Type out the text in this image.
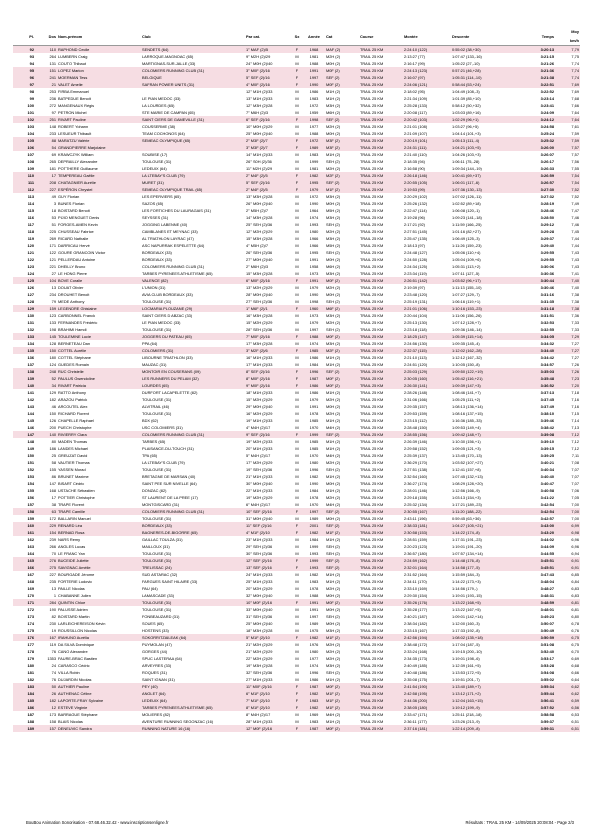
Pl.	Dos	Nom-prénom	Club	Par cat.	Sx	Année	Cat	Course	Montée	Descente	Temps	Moy
km/h
92	110	RAPHOND Cecile	SENDETS (64)	1° MAF (2)/5	F	1968	MAF (2)	TRAIL 25 KM	2:24:10 (122)	0:55:02 (38,+30)	3:20:13	7,79
93	264	LUMBERN Craig	LARROQUE-MAGNOAC (65)	9° M2H (2)/29	M	1981	M2H (2)	TRAIL 25 KM	2:13:27 (77)	1:07:47 (133,-16)	3:21:15	7,75
94	131	COUTO Thibaut	MARTIGNAS-SUR-JALLE (33)	24° M0H (2)/40	M	1988	M0H (2)	TRAIL 25 KM	2:16:17 (99)	1:05:22 (27,-10)	3:21:26	7,74
95	151	LOPEZ Marion	COLOMIERS RUNNING CLUB (31)	3° M0F (2)/16	F	1991	M0F (2)	TRAIL 25 KM	2:24:13 (123)	0:57:21 (46,+28)	3:21:36	7,74
96	241	MOERMAN Tess	BELGIQUE	5° SEF (2)/16	F	1997	SEF (2)	TRAIL 25 KM	2:16:07 (97)	1:05:31 (114,-10)	3:21:38	7,74
97	21	VALET Amelie	SAFRAN POWER UNITS (31)	4° M0F (2)/16	F	1990	M0F (2)	TRAIL 25 KM	2:24:06 (121)	0:58:44 (53,+24)	3:22:51	7,69
98	253	FIRBA Emmanuel		12° M1H (2)/33	M	1986	M1H (2)	TRAIL 25 KM	2:18:02 (95)	1:04:49 (108,-3)	3:22:52	7,69
99	236	BATPEDUE Benoit	LE PIAN MEDOC (33)	13° M1H (2)/33	M	1983	M1H (2)	TRAIL 25 KM	2:21:34 (109)	1:01:39 (85,+10)	3:23:14	7,68
100	272	MANGENAUX Régis	LA LOURDES (65)	12° M3H (2)/28	M	1972	M3H (2)	TRAIL 25 KM	2:25:28 (133)	0:58:12 (50,+32)	3:23:41	7,66
101	97	PETRON Michel	STE MARIE DE CAMPAN (65)	7° M6H (2)/3	M	1959	M6H (2)	TRAIL 25 KM	2:20:08 (117)	1:03:03 (89,+16)	3:24:09	7,64
102	251	RIVART Pauline	SAINT CIERS DE GAMEVILLE (31)	6° SEF (2)/16	F	1998	SEF (2)	TRAIL 25 KM	2:20:42 (103)	1:02:29 (96,+1)	3:24:12	7,64
103	148	ROBERT Yohann	COUSSERME (38)	10° M0H (2)/29	M	1977	M2H (2)	TRAIL 25 KM	2:21:01 (108)	1:03:27 (96,+5)	3:24:58	7,61
104	233	LESUEUR Thibault	TEAM COCHONOS (64)	25° M0H (2)/40	M	1988	M0H (2)	TRAIL 25 KM	2:21:09 (107)	1:04:14 (101,+3)	3:25:24	7,59
105	88	MARATZU Valérie	SEMEAC OLYMPIQUE (65)	2° M3F (2)/7	F	1972	M3F (2)	TRAIL 25 KM	2:20:19 (101)	1:05:13 (111,-4)	3:25:32	7,59
106	54	GRANDPIERRE Marjolaine		3° M3F (2)/7	F	1989	M3F (2)	TRAIL 25 KM	2:24:31 (111)	1:04:21 (103,+5)	3:26:00	7,57
107	69	KRAWCZYK William	SOUBISE (17)	14° M1H (2)/33	M	1983	M1H (2)	TRAIL 25 KM	2:21:40 (110)	1:04:26 (103,+3)	3:26:07	7,57
108	265	DEPRAILLY Alexandre	TOULOUSE (31)	26° S0H (2)/36	M	1999	SEH (2)	TRAIL 25 KM	2:18:35 (94)	1:06:11 (75,-28)	3:26:17	7,56
109	181	POTTHERE Guillaume	LEDEUIX (64)	11° M2H (2)/29	M	1981	M2H (2)	TRAIL 25 KM	2:16:58 (90)	1:09:34 (144,-19)	3:26:33	7,55
110	17	TEMPEREAU Gaëlle	LA LTEBAY'S CLUB (79)	2° M4F (2)/5	F	1982	M2F (2)	TRAIL 25 KM	2:26:18 (146)	1:00:41 (69,+37)	3:26:59	7,54
111	208	CHATAGNIER Aurélie	MURET (31)	5° SEF (2)/16	F	1995	SEF (2)	TRAIL 25 KM	2:20:55 (105)	1:06:01 (117,-6)	3:26:57	7,54
112	227	ESPÉRON Chrystel	SEMEAC OLYMPIQUE TRAIL (65)	2° M4F (2)/5	F	1979	M1F (2)	TRAIL 25 KM	2:19:53 (99)	1:07:36 (130,-13)	3:27:30	7,52
113	49	GUY Florian	LES EPERVIERS (65)	13° M3H (2)/28	M	1972	M3H (2)	TRAIL 25 KM	2:20:29 (102)	1:07:02 (126,-11)	3:27:32	7,52
114	3	BUNES Florian	SAZOS (65)	26° M0H (2)/40	M	1990	M0H (2)	TRAIL 25 KM	2:25:26 (132)	1:02:52 (89,+18)	3:28:19	7,49
115	18	BOISTARD Benoit	LES FORTICHES DU LAURAGAIS (31)	2° M5H (2)/7	M	1964	M5H (2)	TRAIL 25 KM	2:22:47 (114)	1:06:08 (120,-1)	3:28:46	7,47
116	53	PIJIO MENGUET Denis	SEYSSES (31)	14° M3H (2)/28	M	1974	M3H (2)	TRAIL 25 KM	2:19:28 (96)	1:09:23 (141,-18)	3:28:50	7,46
117	51	FORGES-AMEN Kevin	JOGGING LABENNE (40)	25° SEH (2)/36	M	1993	SEH (2)	TRAIL 25 KM	2:17:21 (92)	1:11:59 (166,-25)	3:29:12	7,46
118	225	CHUSSEAU Fabrice	CAMBLANES ET MEYNAC (33)	12° M2H (2)/29	M	1980	M2H (2)	TRAIL 25 KM	2:27:51 (145)	1:01:16 (82,+27)	3:29:28	7,45
119	269	RICARD Nathalie	AL TRIATHLON LAYRAC (47)	15° M3H (2)/28	M	1966	M3H (2)	TRAIL 25 KM	2:25:47 (135)	1:06:49 (125,-3)	3:29:37	7,44
120	171	DARRICAU Hervé	ASC NAPURRAK ESPELETTE (64)	4° M5H (2)/7	M	1966	M5H (2)	TRAIL 25 KM	2:18:13 (97)	1:11:26 (159,-23)	3:29:40	7,44
121	122	GOURE GRANCOIN Victor	BORDEAUX (33)	26° SEH (2)/36	M	1995	SEH (2)	TRAIL 25 KM	2:24:48 (127)	1:05:06 (110,+4)	3:29:55	7,43
122	121	PELLERDAU Antoine	BORDEAUX (33)	27° M0H (2)/40	M	1991	M0H (2)	TRAIL 25 KM	2:24:50 (128)	1:05:04 (109,+6)	3:29:55	7,43
123	221	DHEILLY Bruno	COLOMIERS RUNNING CLUB (31)	2° M6H (2)/3	M	1958	M6H (2)	TRAIL 25 KM	2:24:34 (125)	1:05:31 (113,+2)	3:30:06	7,43
124	27	LE HONG Pierre	TARBES PYRENEES ATHLETISME (65)	15° M3H (2)/28	M	1973	M3H (2)	TRAIL 25 KM	2:23:34 (119)	1:07:11 (127,-5)	3:30:36	7,41
125	104	BOVE Coralie	VALENCE (82)	6° M0F (2)/16	F	1991	M0F (2)	TRAIL 25 KM	2:26:51 (142)	1:03:52 (96,+17)	3:30:44	7,40
126	13	DOUAT Olivier	L'UNION (31)	13° M2H (2)/29	M	1979	M2H (2)	TRAIL 25 KM	2:19:39 (97)	1:11:13 (155,-10)	3:30:46	7,40
127	234	DROUHET Benoit	AVIA CLUB BORDEAUX (33)	28° M0H (2)/40	M	1990	M0H (2)	TRAIL 25 KM	2:23:48 (120)	1:07:27 (129,-7)	3:31:16	7,38
128	79	MEDE Anthony	TOULOUSE (31)	27° SEH (2)/36	M	1998	SEH (2)	TRAIL 25 KM	2:25:19 (131)	1:06:16 (119,+1)	3:31:35	7,38
129	159	LEGENDRE Ghislaine	LOCMARIA PLOUZANE (29)	1° M6F (2)/1	F	1960	M6F (2)	TRAIL 25 KM	2:21:01 (106)	1:10:16 (153,-23)	3:31:18	7,38
130	123	CARBONNEL Franck	SAINT CIERS D ABZAC (33)	16° M3H (2)/28	M	1973	M3H (2)	TRAIL 25 KM	2:20:44 (104)	1:11:06 (156,-26)	3:31:51	7,36
131	133	FERNANDES Frédéric	LE PIAN MEDOC (33)	15° M2H (2)/29	M	1979	M2H (2)	TRAIL 25 KM	2:25:13 (130)	1:07:12 (128,+7)	3:32:53	7,33
132	198	BRAHIMI Hamdi	TOULOUSE (31)	28° SEH (2)/36	M	1997	SEH (2)	TRAIL 25 KM	2:23:18 (118)	1:09:36 (146,-14)	3:32:55	7,33
133	145	TOULEMINE Lucie	JOGGERS DU PATEAU (65)	7° M0F (2)/16	F	1988	M0F (2)	TRAIL 25 KM	2:18:25 (147)	1:05:39 (115,+14)	3:34:05	7,29
134	128	BERNETEAU Dan	PPA (64)	17° M3H (2)/28	M	1974	M3H (2)	TRAIL 25 KM	2:24:56 (130)	1:09:35 (145,-4)	3:34:32	7,27
135	150	COTTEL Aurélie	COLOMIERS (31)	3° M2F (2)/6	F	1985	M2F (2)	TRAIL 25 KM	2:22:37 (115)	1:12:02 (162,-28)	3:34:40	7,27
136	180	COTTEL Stéphane	LIBOURNE TRIATHLON (33)	16° M1H (2)/33	M	1986	M1H (2)	TRAIL 25 KM	2:21:10 (113)	1:12:12 (167,-32)	3:34:42	7,27
137	124	GUEDES Romain	MAUZAC (31)	17° M1H (2)/33	M	1984	M1H (2)	TRAIL 25 KM	2:24:51 (120)	1:10:05 (150,-8)	3:34:57	7,26
138	248	RUC Christelle	MONTOIR EN COUSERANS (09)	8° SEF (2)/16	F	1996	SEF (2)	TRAIL 25 KM	2:25:03 (129)	1:09:50 (122,+19)	3:35:03	7,26
139	52	PAULUS Gwendoline	LES RUNNERS DU PELAM (32)	8° M0F (2)/16	F	1987	M0F (2)	TRAIL 25 KM	2:30:05 (160)	1:05:42 (116,+21)	3:35:48	7,23
140	34	RIVART Patricia	LOURDES (65)	9° M0F (2)/16	F	1986	M0F (2)	TRAIL 25 KM	2:26:30 (141)	1:09:39 (147,+3)	3:36:52	7,20
141	129	RATTO Anthony	DURFORT LACAPELETTE (82)	18° M1H (2)/33	M	1986	M1H (2)	TRAIL 25 KM	2:28:26 (148)	1:08:46 (141,+7)	3:37:13	7,18
142	182	ARAZOU Patrick	TOULOUSE (31)	15° M2H (2)/29	M	1979	M2H (2)	TRAIL 25 KM	2:31:06 (166)	1:05:25 (111,+2)	3:37:45	7,16
143	46	ARCOUTEL Alex	ALVITRAIL (46)	29° M0H (2)/40	M	1991	M0H (2)	TRAIL 25 KM	2:29:35 (157)	1:08:13 (136,+14)	3:37:49	7,16
144	150	RICHARD Florent	TOULOUSE (31)	16° M2H (2)/29	M	1978	M2H (2)	TRAIL 25 KM	2:29:53 (159)	1:08:16 (137,+15)	3:38:10	7,15
145	126	CHAPELLE Raphael	BDX (62)	19° M1H (2)/33	M	1985	M1H (2)	TRAIL 25 KM	2:23:15 (112)	1:16:36 (185,-33)	3:39:46	7,14
146	200	PUECH Christophe	USC COLOMIERS (31)	4° M4H (2)/17	M	1970	M4H (2)	TRAIL 25 KM	2:28:48 (150)	1:09:53 (149,+4)	3:38:42	7,13
147	140	RIVIERRY Clara	COLOMIERS RUNNING CLUB (31)	9° SEF (2)/16	F	1999	SEF (2)	TRAIL 25 KM	2:28:55 (156)	1:09:42 (148,+7)	3:39:08	7,12
148	80	MADEN Thomas	TARBES (65)	19° M2H (2)/33	M	1985	M1H (2)	TRAIL 25 KM	2:26:39 (146)	1:10:30 (156,+1)	3:39:10	7,12
149	186	LANDES Michael	PLAISANCE-DU-TOUCH (31)	20° M1H (2)/33	M	1985	M1H (2)	TRAIL 25 KM	2:29:58 (152)	1:09:05 (121,+3)	3:39:15	7,12
150	25	GREUZAT David	TPA (65)	5° M4H (2)/17	M	1970	M4H (2)	TRAIL 25 KM	2:25:39 (137)	1:13:45 (170,-13)	3:39:25	7,11
151	58	VAUTIER Thomas	LA LTEBAY'S CLUB (79)	17° M2H (2)/29	M	1980	M2H (2)	TRAIL 25 KM	2:36:29 (170)	1:03:52 (107,+27)	3:40:21	7,08
152	155	YASSEN Morad	TOULOUSE (31)	19° SEH (2)/36	M	1996	SEH (2)	TRAIL 25 KM	2:27:51 (138)	1:12:41 (157,+8)	3:40:34	7,07
153	86	BRUNET Maxime	BRETAGNE DE MARSAN (40)	21° M1H (2)/33	M	1982	M1H (2)	TRAIL 25 KM	2:32:54 (160)	1:07:45 (132,+13)	3:40:40	7,07
154	147	BISART Cédric	SAINT PEE SUR NIVELLE (64)	30° M0H (2)/40	M	1990	M0H (2)	TRAIL 25 KM	2:36:27 (174)	1:08:29 (128,+20)	3:40:47	7,07
155	168	USTACHE Sébastien	DONZAC (82)	22° M1H (2)/33	M	1984	M1H (2)	TRAIL 25 KM	2:28:01 (146)	1:12:56 (166,-9)	3:40:58	7,06
156	17	POTTIER Christophe	ST LAURENT DE LA PREE (17)	19° M2H (2)/29	M	1978	M2H (2)	TRAIL 25 KM	2:29:18 (155)	1:03:13 (154,+3)	3:41:22	7,05
157	38	TRAPE Florent	MONTGISCARD (31)	6° M4H (2)/17	M	1970	M4H (2)	TRAIL 25 KM	2:25:32 (134)	1:17:21 (189,-23)	3:42:54	7,00
158	63	TRAPE Camille	COLOMIERS RUNNING CLUB (31)	10° SEF (2)/16	F	1997	SEF (2)	TRAIL 25 KM	2:30:55 (167)	1:11:20 (188,-22)	3:42:54	7,00
159	172	BALLARIN Manuel	TOULOUSE (31)	31° M0H (2)/40	M	1989	M0H (2)	TRAIL 25 KM	2:43:11 (196)	0:59:45 (63,+36)	3:42:57	7,00
160	229	RENARD Léa	BORDEAUX (33)	11° SEF (2)/16	F	2001	SEF (2)	TRAIL 25 KM	2:38:33 (181)	1:04:27 (105,+21)	3:43:00	6,99
161	154	BERNAD Rosa	BAGNERES-DE-BIGORRE (65)	4° M1F (2)/10	F	1982	M1F (2)	TRAIL 25 KM	2:30:58 (153)	1:14:22 (174,-8)	3:43:20	6,98
162	239	NARS Remy	GAILLAC TOULZA (31)	23° M1H (2)/33	M	1984	M1H (2)	TRAIL 25 KM	2:28:51 (159)	1:17:31 (191,-23)	3:44:02	6,96
163	266	ANGLES Lucas	MAILLOUX (31)	29° SEH (2)/36	M	1999	SEH (2)	TRAIL 25 KM	2:20:23 (123)	1:19:01 (191,-20)	3:44:09	6,96
164	70	LE FRANC Yan	TOULOUSE (31)	30° SEH (2)/36	M	1993	SEH (2)	TRAIL 25 KM	2:36:57 (180)	1:07:57 (134,+14)	3:44:55	6,94
165	276	BUCEIDE Juliette	TOULOUSE (31)	12° SEF (2)/16	F	1999	SEF (2)	TRAIL 25 KM	2:24:59 (162)	1:14:48 (176,-8)	3:45:51	6,91
166	275	SAVIGNAC Amélie	TRELISSAC (24)	13° SEF (2)/16	F	1993	SEF (2)	TRAIL 25 KM	2:32:01 (164)	1:14:58 (177,-5)	3:45:51	6,91
167	227	BOURGADE Jérome	SUD ASTARAC (32)	24° M1H (2)/33	M	1982	M1H (2)	TRAIL 25 KM	2:31:52 (164)	1:15:59 (184,-3)	3:47:43	6,85
168	235	FORTERIE Ludovic	FARGUES SAINT HILAIRE (33)	25° M1H (2)/33	M	1983	M1H (2)	TRAIL 25 KM	2:34:11 (170)	1:14:22 (173,+3)	3:48:04	6,84
169	13	PAILLE Nicolas	PAU (64)	20° M2H (2)/29	M	1978	M2H (2)	TRAIL 25 KM	2:33:10 (169)	1:14:56 (179,-)	3:48:27	6,83
170	1	CHABANNE Julien	LAMASCADE (33)	32° M0H (2)/40	M	1988	M0H (2)	TRAIL 25 KM	2:29:30 (154)	1:19:01 (193,-15)	3:48:31	6,83
171	284	QUINTIN Chloe	TOULOUSE (31)	10° M0F (2)/16	F	1991	M0F (2)	TRAIL 25 KM	2:35:26 (176)	1:13:22 (168,+5)	3:48:59	6,81
172	190	PALUSSE Adrien	TOULOUSE (31)	33° M0H (2)/40	M	1991	M0H (2)	TRAIL 25 KM	2:35:28 (177)	1:13:22 (167,+5)	3:48:01	6,81
173	82	BOISTARD Martin	FONBEAUZARD (31)	31° SEH (2)/36	M	1997	SEH (2)	TRAIL 25 KM	2:40:21 (187)	1:09:01 (142,+14)	3:49:23	6,80
174	230	LARLEICHEREISON Kévin	SOUES (65)	25° M0H (2)/40	M	1989	M0H (2)	TRAIL 25 KM	2:38:34 (182)	1:12:00 (160,-3)	3:50:07	6,78
175	19	ROUSSILLON Nicolas	HOSTENS (33)	18° M3H (2)/28	M	1975	M3H (2)	TRAIL 25 KM	2:33:15 (167)	1:17:33 (192,-8)	3:50:49	6,76
176	167	IRAHUNO Aurélia	SOKORRITZAILEAK (64)	5° M1F (2)/10	F	1982	M1F (2)	TRAIL 25 KM	2:42:56 (194)	1:08:02 (135,+18)	3:50:59	6,75
177	119	DA SILVA Dominique	PUYMOLAN (47)	21° M2H (2)/29	M	1976	M2H (2)	TRAIL 25 KM	2:38:48 (172)	1:17:04 (187,-5)	3:51:08	6,75
178	76	CANO Alexandre	GORGES (44)	21° M2H (2)/29	M	1980	M2H (2)	TRAIL 25 KM	2:33:24 (168)	1:19:15 (200,-10)	3:52:40	6,70
179	1353	FAURE-BRAC Bastien	SPUC LASTERAA (64)	22° M2H (2)/29	M	1977	M2H (2)	TRAIL 25 KM	2:34:35 (173)	1:19:01 (198,-6)	3:53:17	6,69
180	24	CARASCO Cédric	ARVEYRES (33)	19° M3H (2)/28	M	1974	M3H (2)	TRAIL 25 KM	2:40:49 (185)	1:12:39 (161,+5)	3:53:28	6,68
181	74	VILLA Robin	ROQUES (31)	32° SEH (2)/36	M	1996	SEH (2)	TRAIL 25 KM	2:40:48 (186)	1:13:53 (172,+5)	3:54:08	6,66
182	76	DUJARDIN Nicolas	SAINT IGNAN (31)	27° M1H (2)/33	M	1986	M1H (2)	TRAIL 25 KM	2:35:08 (175)	1:19:51 (201,-7)	3:55:02	6,64
183	50	AUTHIER Pauline	PEY (40)	11° M0F (2)/16	F	1987	M0F (2)	TRAIL 25 KM	2:41:54 (190)	1:13:40 (189,+7)	3:55:34	6,62
184	26	AUTHENAC Céline	ANGLET (64)	6° M1F (2)/10	F	1982	M1F (2)	TRAIL 25 KM	2:42:58 (195)	1:13:12 (171,+2)	3:55:44	6,62
185	182	LAPORTE-FRAY Sylvaine	LEDEUIX (64)	7° M1F (2)/10	F	1983	M1F (2)	TRAIL 25 KM	2:44:36 (200)	1:12:04 (163,+15)	3:56:41	6,59
186	12	ESTEVE Virginie	TARBES PYRENEES ATHLETISME (65)	8° M1F (2)/10	F	1982	M1F (2)	TRAIL 25 KM	2:38:05 (180)	1:19:12 (199,-9)	3:57:52	6,56
187	173	BARRAGUE Stéphane	MOLIERES (82)	8° M4H (2)/17	M	1969	M4H (2)	TRAIL 25 KM	2:33:47 (171)	1:25:11 (218,-18)	3:58:58	6,53
188	158	BLAIS Nicolas	AVENTURE RUNNING SEGONZAC (16)	28° M1H (2)/33	M	1983	M1H (2)	TRAIL 25 KM	2:36:11 (177)	1:23:26 (213,-9)	3:59:37	6,51
189	157	DENEUVIC Sandra	RUNNING NATURE 16 (16)	12° M0F (2)/16	F	1987	M0F (2)	TRAIL 25 KM	2:37:16 (181)	1:22:14 (209,-8)	3:59:31	6,51
BouBou Animation Sonorisation - 07.68.46.32.42 - www.inscriptionsenligne.fr	Résultats : TRAIL 25 KM - 14/09/2025 20:08:04 - Page 2/3
